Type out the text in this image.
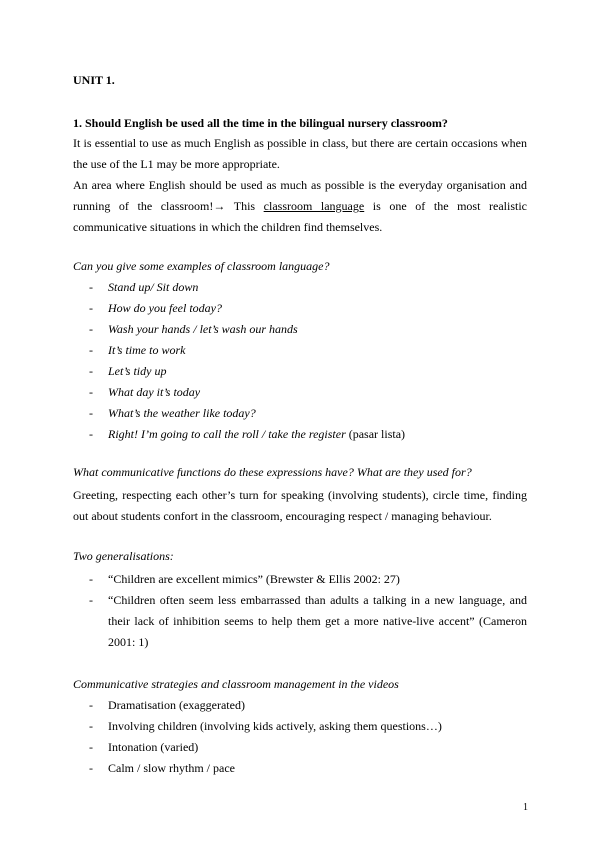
UNIT 1.
1. Should English be used all the time in the bilingual nursery classroom?
It is essential to use as much English as possible in class, but there are certain occasions when the use of the L1 may be more appropriate.
An area where English should be used as much as possible is the everyday organisation and running of the classroom!→ This classroom language is one of the most realistic communicative situations in which the children find themselves.
Can you give some examples of classroom language?
- Stand up/ Sit down
- How do you feel today?
- Wash your hands / let’s wash our hands
- It’s time to work
- Let’s tidy up
- What day it’s today
- What’s the weather like today?
- Right! I’m going to call the roll / take the register (pasar lista)
What communicative functions do these expressions have? What are they used for?
Greeting, respecting each other’s turn for speaking (involving students), circle time, finding out about students confort in the classroom, encouraging respect / managing behaviour.
Two generalisations:
- “Children are excellent mimics” (Brewster & Ellis 2002: 27)
- “Children often seem less embarrassed than adults a talking in a new language, and their lack of inhibition seems to help them get a more native-live accent” (Cameron 2001: 1)
Communicative strategies and classroom management in the videos
- Dramatisation (exaggerated)
- Involving children (involving kids actively, asking them questions…)
- Intonation (varied)
- Calm / slow rhythm / pace
1
